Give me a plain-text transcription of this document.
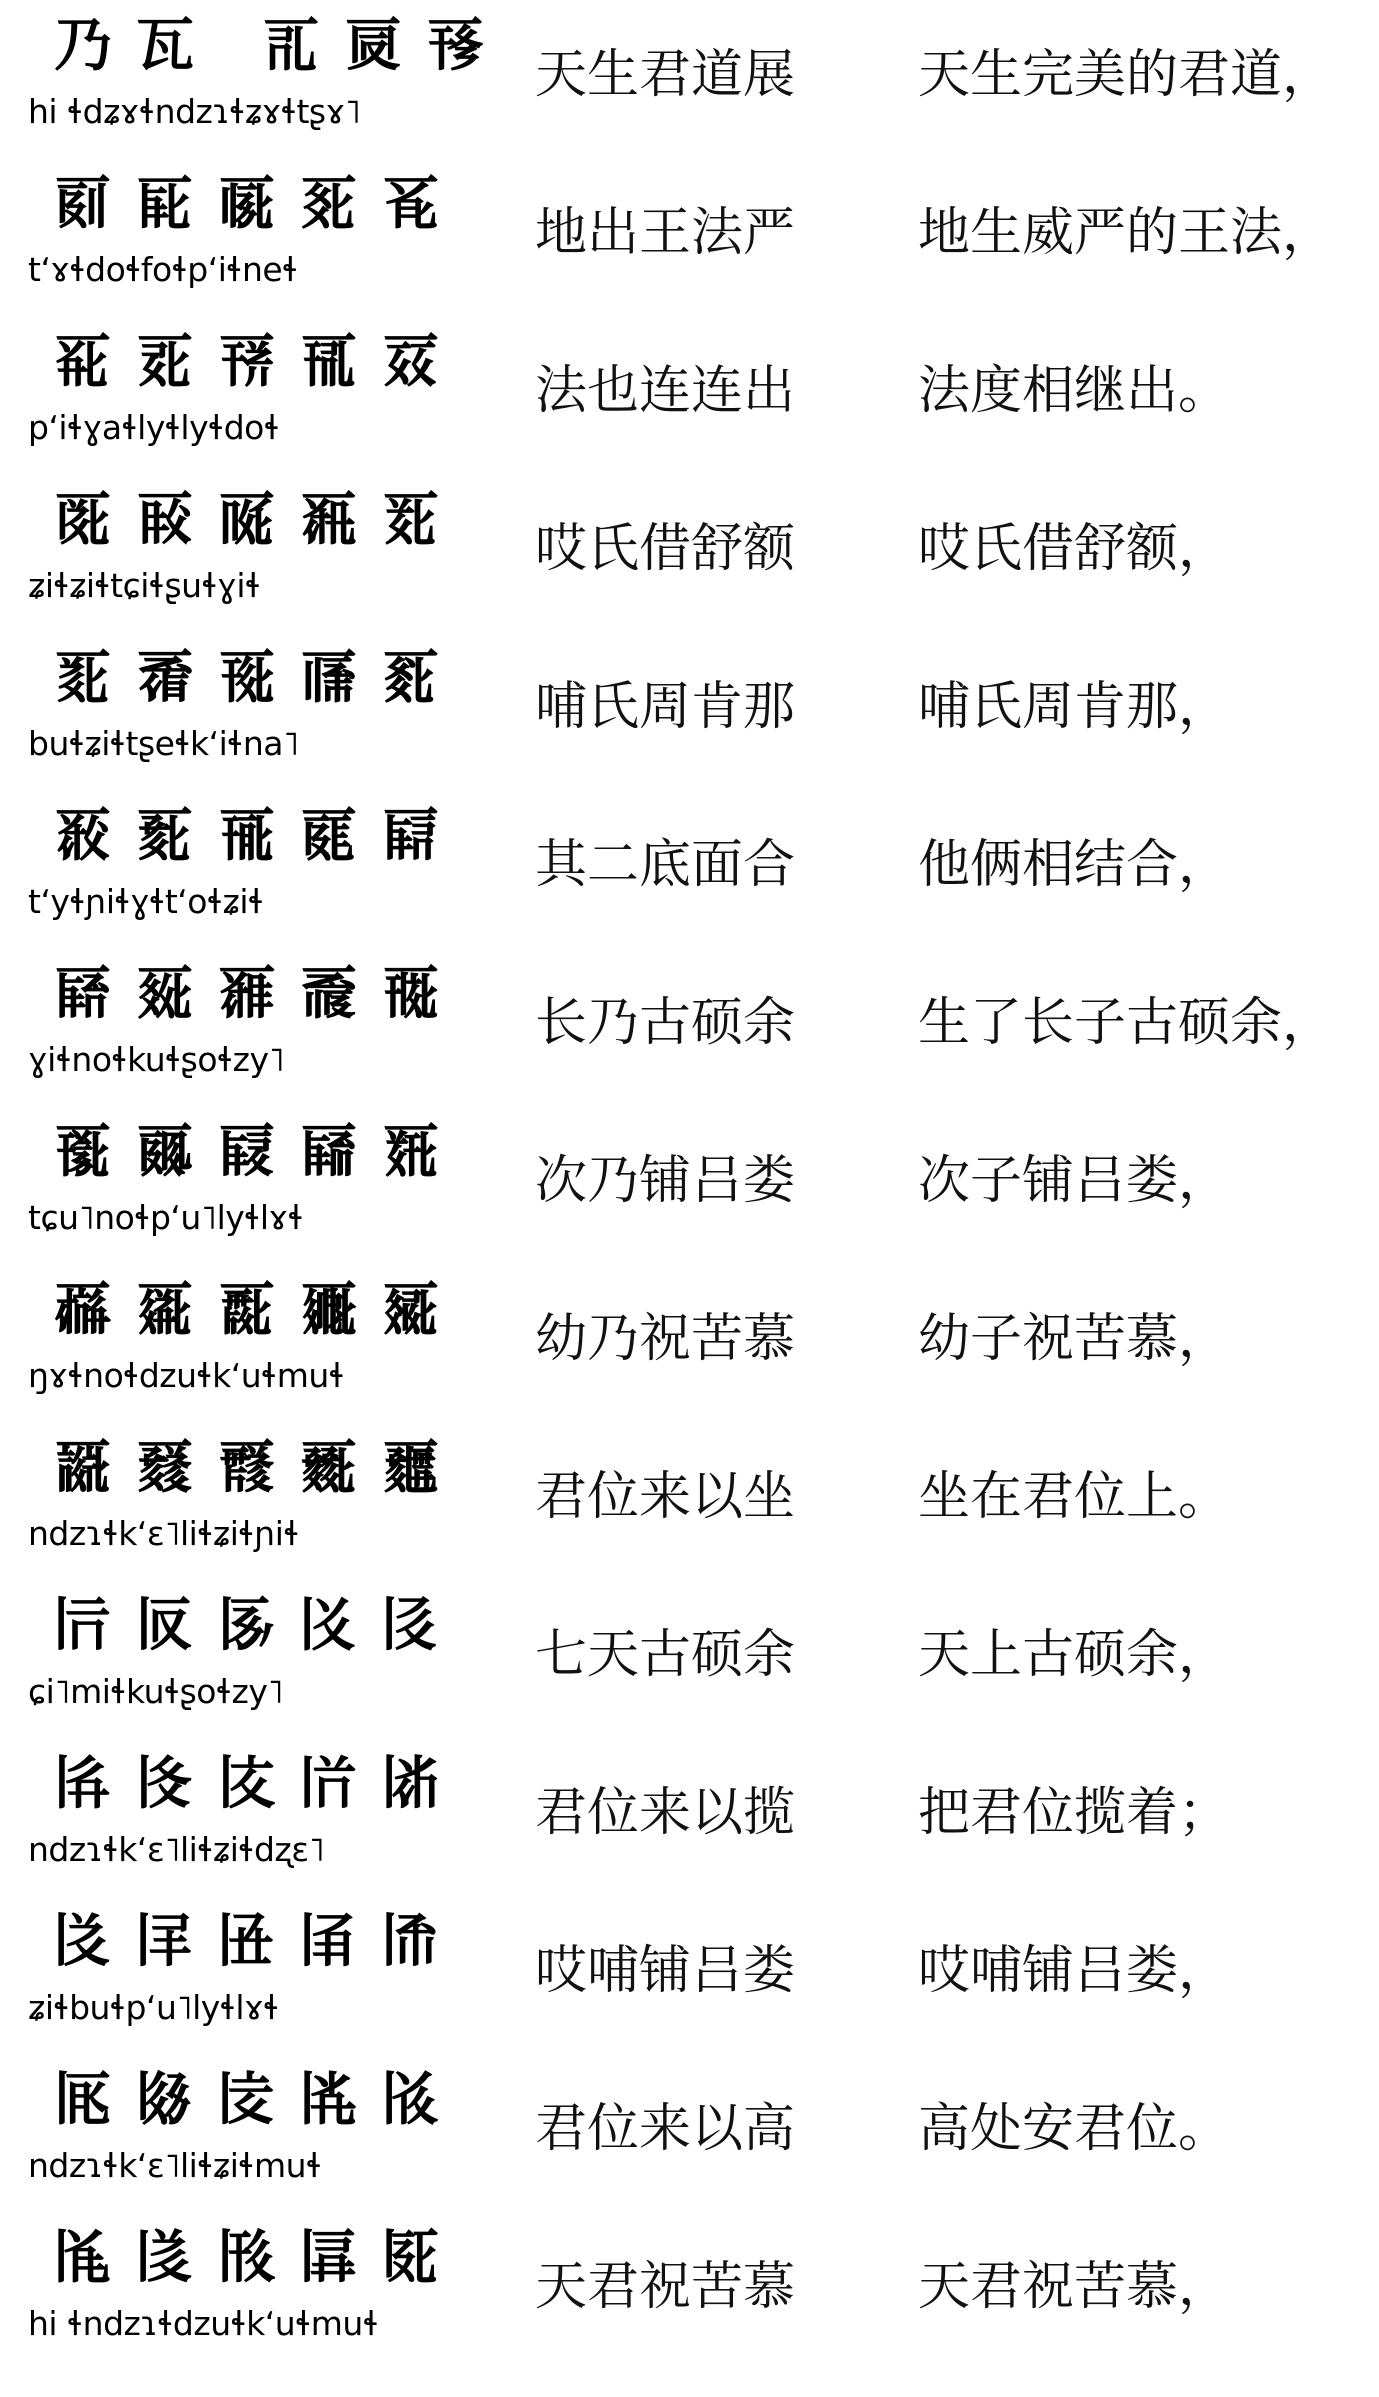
乃瓦 𗀀𗀁𗀂
hi ɬdʑɤɬndzɿɬʑɤɬtʂɤ˥
天生君道展	天生完美的君道，
𗀃𗀄𗀅𗀆𗀇
tʻɤɬdoɬfoɬpʻiɬneɬ
地出王法严	地生威严的王法，
𗀈𗀉𗀊𗀋𗀌
pʻiɬɣaɬlyɬlyɬdoɬ
法也连连出	法度相继出。
𗀍𗀎𗀏𗀐𗀑
ʑiɬʑiɬtɕiɬʂuɬɣiɬ
哎氏借舒额	哎氏借舒额，
𗀒𗀓𗀔𗀕𗀖
buɬʑiɬtʂeɬkʻiɬna˥
哺氏周肯那	哺氏周肯那，
𗀗𗀘𗀙𗀚𗀛
tʻyɬɲiɬɣɬtʻoɬʑiɬ
其二底面合	他俩相结合，
𗀜𗀝𗀞𗀟𗀠
ɣiɬnoɬkuɬʂoɬzy˥
长乃古硕余	生了长子古硕余，
𗀡𗀢𗀣𗀤𗀥
tɕu˥noɬpʻu˥lyɬlɤɬ
次乃铺吕娄	次子铺吕娄，
𗀦𗀧𗀨𗀩𗀪
ŋɤɬnoɬdzuɬkʻuɬmuɬ
幼乃祝苦慕	幼子祝苦慕，
𗀫𗀬𗀭𗀮𗀯
ndzɿɬkʻɛ˥liɬʑiɬɲiɬ
君位来以坐	坐在君位上。
𗀰𗀱𗀲𗀳𗀴
ɕi˥miɬkuɬʂoɬzy˥
七天古硕余	天上古硕余，
𗀵𗀶𗀷𗀸𗀹
ndzɿɬkʻɛ˥liɬʑiɬdʐɛ˥
君位来以揽	把君位揽着；
𗀺𗀻𗀼𗀽𗀾
ʑiɬbuɬpʻu˥lyɬlɤɬ
哎哺铺吕娄	哎哺铺吕娄，
𗀿𗁀𗁁𗁂𗁃
ndzɿɬkʻɛ˥liɬʑiɬmuɬ
君位来以高	高处安君位。
𗁄𗁅𗁆𗁇𗁈
hi ɬndzɿɬdzuɬkʻuɬmuɬ
天君祝苦慕	天君祝苦慕，
